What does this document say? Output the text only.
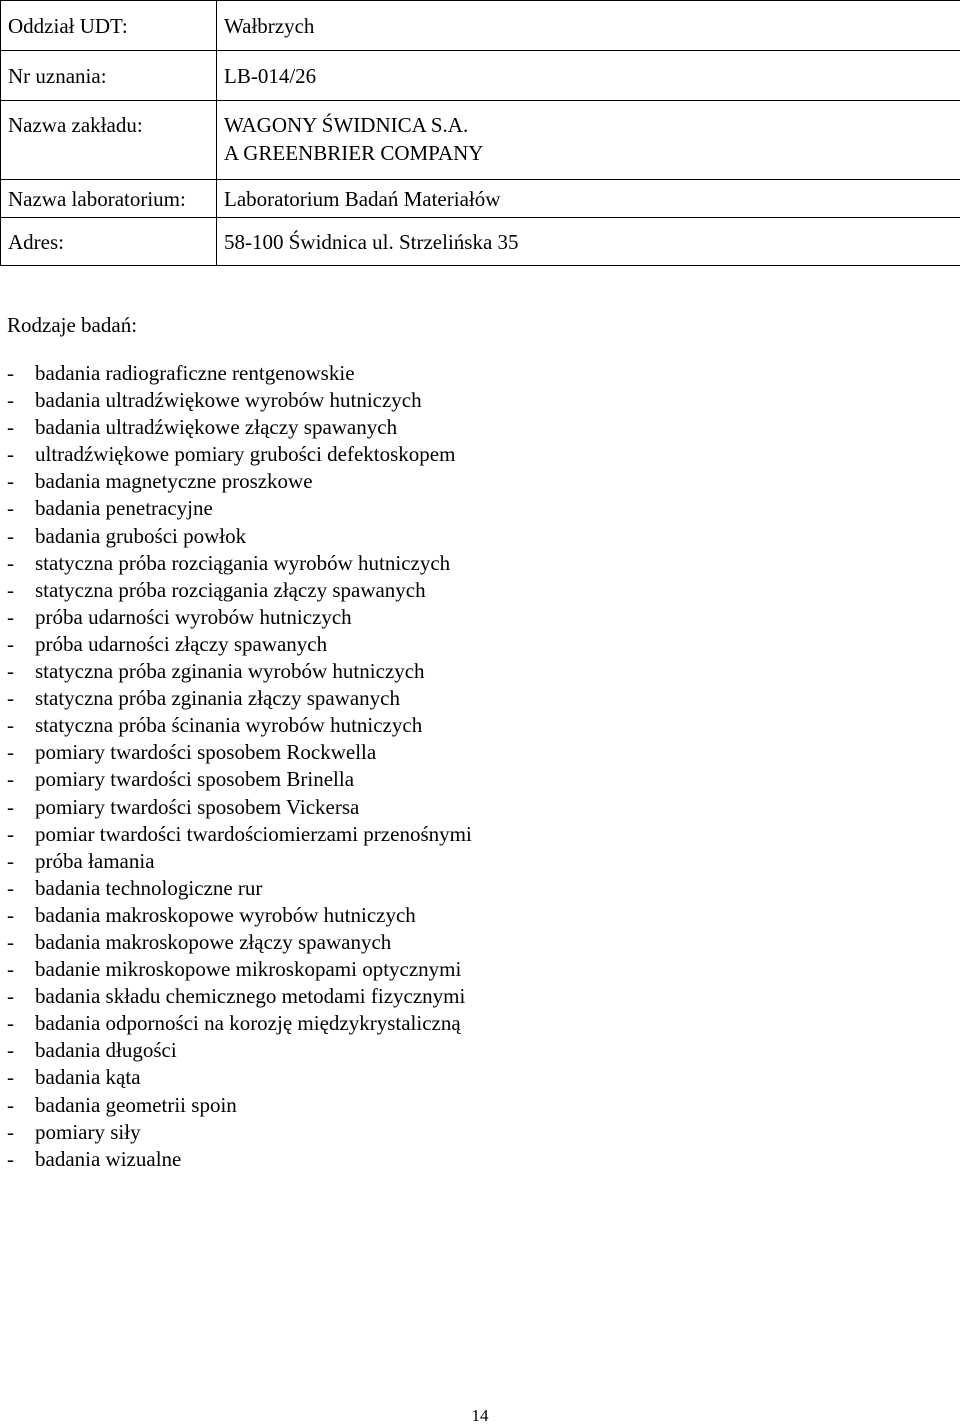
Oddział UDT:	Wałbrzych
Nr uznania:	LB-014/26
Nazwa zakładu:	WAGONY ŚWIDNICA S.A.
A GREENBRIER COMPANY

Nazwa laboratorium:	Laboratorium Badań Materiałów
Adres:	58-100 Świdnica ul. Strzelińska 35
Rodzaje badań:
-	badania radiograficzne rentgenowskie
-	badania ultradźwiękowe wyrobów hutniczych
-	badania ultradźwiękowe złączy spawanych
-	ultradźwiękowe pomiary grubości defektoskopem
-	badania magnetyczne proszkowe
-	badania penetracyjne
-	badania grubości powłok
-	statyczna próba rozciągania wyrobów hutniczych
-	statyczna próba rozciągania złączy spawanych
-	próba udarności wyrobów hutniczych
-	próba udarności złączy spawanych
-	statyczna próba zginania wyrobów hutniczych
-	statyczna próba zginania złączy spawanych
-	statyczna próba ścinania wyrobów hutniczych
-	pomiary twardości sposobem Rockwella
-	pomiary twardości sposobem Brinella
-	pomiary twardości sposobem Vickersa
-	pomiar twardości twardościomierzami przenośnymi
-	próba łamania
-	badania technologiczne rur
-	badania makroskopowe wyrobów hutniczych
-	badania makroskopowe złączy spawanych
-	badanie mikroskopowe mikroskopami optycznymi
-	badania składu chemicznego metodami fizycznymi
-	badania odporności na korozję międzykrystaliczną
-	badania długości
-	badania kąta
-	badania geometrii spoin
-	pomiary siły
-	badania wizualne
14
